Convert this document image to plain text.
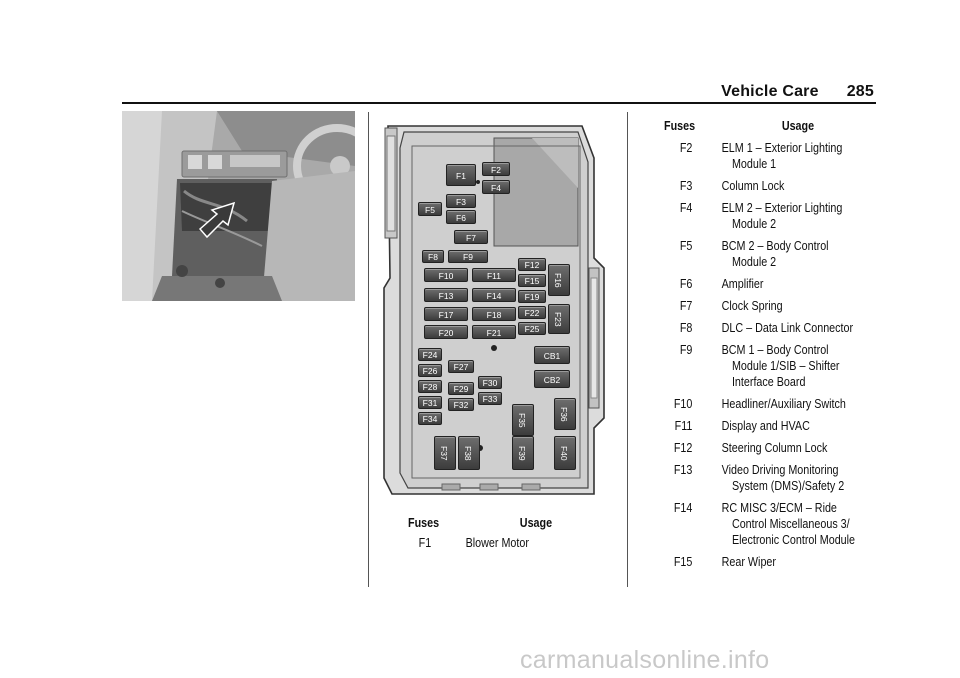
Vehicle Care 285
F1
F2
F4
F3
F5
F6
F7
F8	F9
F10	F11
F12
F15	F16
F13	F14	F19
F17	F18	F22	F23
F20	F21	F25
CB1
CB2
F24
F26	F27
F28	F29
F30
F31	F32
F33
F34	F35	F36
F37	F38	F39	F40
Fuses	Usage
F1	Blower Motor
Fuses	Usage
F2 ELM 1 – Exterior Lighting
Module 1
F3 Column Lock
F4 ELM 2 – Exterior Lighting
Module 2
F5 BCM 2 – Body Control
Module 2
F6 Amplifier
F7 Clock Spring
F8 DLC – Data Link Connector
F9 BCM 1 – Body Control
Module 1/SIB – Shifter
Interface Board
F10 Headliner/Auxiliary Switch
F11 Display and HVAC
F12 Steering Column Lock
F13 Video Driving Monitoring
System (DMS)/Safety 2
F14 RC MISC 3/ECM – Ride
Control Miscellaneous 3/
Electronic Control Module
F15 Rear Wiper
carmanualsonline.info
